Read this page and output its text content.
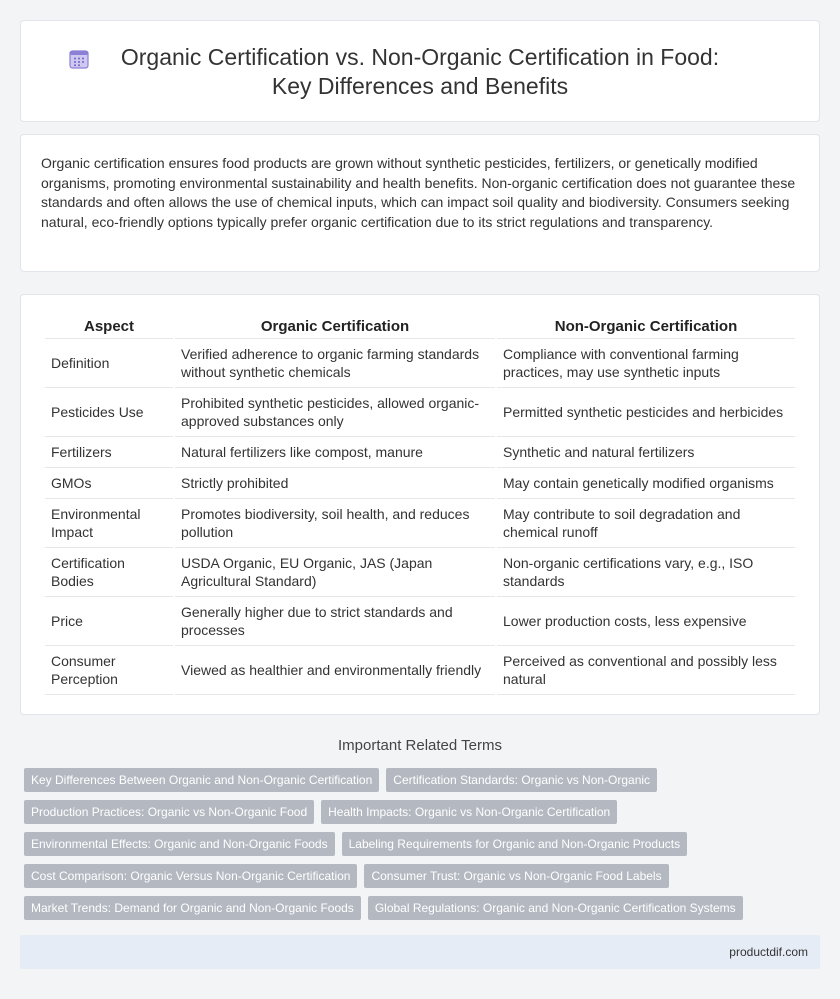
Organic Certification vs. Non-Organic Certification in Food: Key Differences and Benefits

Organic certification ensures food products are grown without synthetic pesticides, fertilizers, or genetically modified organisms, promoting environmental sustainability and health benefits. Non-organic certification does not guarantee these standards and often allows the use of chemical inputs, which can impact soil quality and biodiversity. Consumers seeking natural, eco-friendly options typically prefer organic certification due to its strict regulations and transparency.

Aspect	Organic Certification	Non-Organic Certification
Definition	Verified adherence to organic farming standards without synthetic chemicals	Compliance with conventional farming practices, may use synthetic inputs
Pesticides Use	Prohibited synthetic pesticides, allowed organic-approved substances only	Permitted synthetic pesticides and herbicides
Fertilizers	Natural fertilizers like compost, manure	Synthetic and natural fertilizers
GMOs	Strictly prohibited	May contain genetically modified organisms
Environmental Impact	Promotes biodiversity, soil health, and reduces pollution	May contribute to soil degradation and chemical runoff
Certification Bodies	USDA Organic, EU Organic, JAS (Japan Agricultural Standard)	Non-organic certifications vary, e.g., ISO standards
Price	Generally higher due to strict standards and processes	Lower production costs, less expensive
Consumer Perception	Viewed as healthier and environmentally friendly	Perceived as conventional and possibly less natural
Important Related Terms
Key Differences Between Organic and Non-Organic Certification Certification Standards: Organic vs Non-Organic
Production Practices: Organic vs Non-Organic Food Health Impacts: Organic vs Non-Organic Certification
Environmental Effects: Organic and Non-Organic Foods Labeling Requirements for Organic and Non-Organic Products
Cost Comparison: Organic Versus Non-Organic Certification Consumer Trust: Organic vs Non-Organic Food Labels
Market Trends: Demand for Organic and Non-Organic Foods Global Regulations: Organic and Non-Organic Certification Systems
productdif.com
